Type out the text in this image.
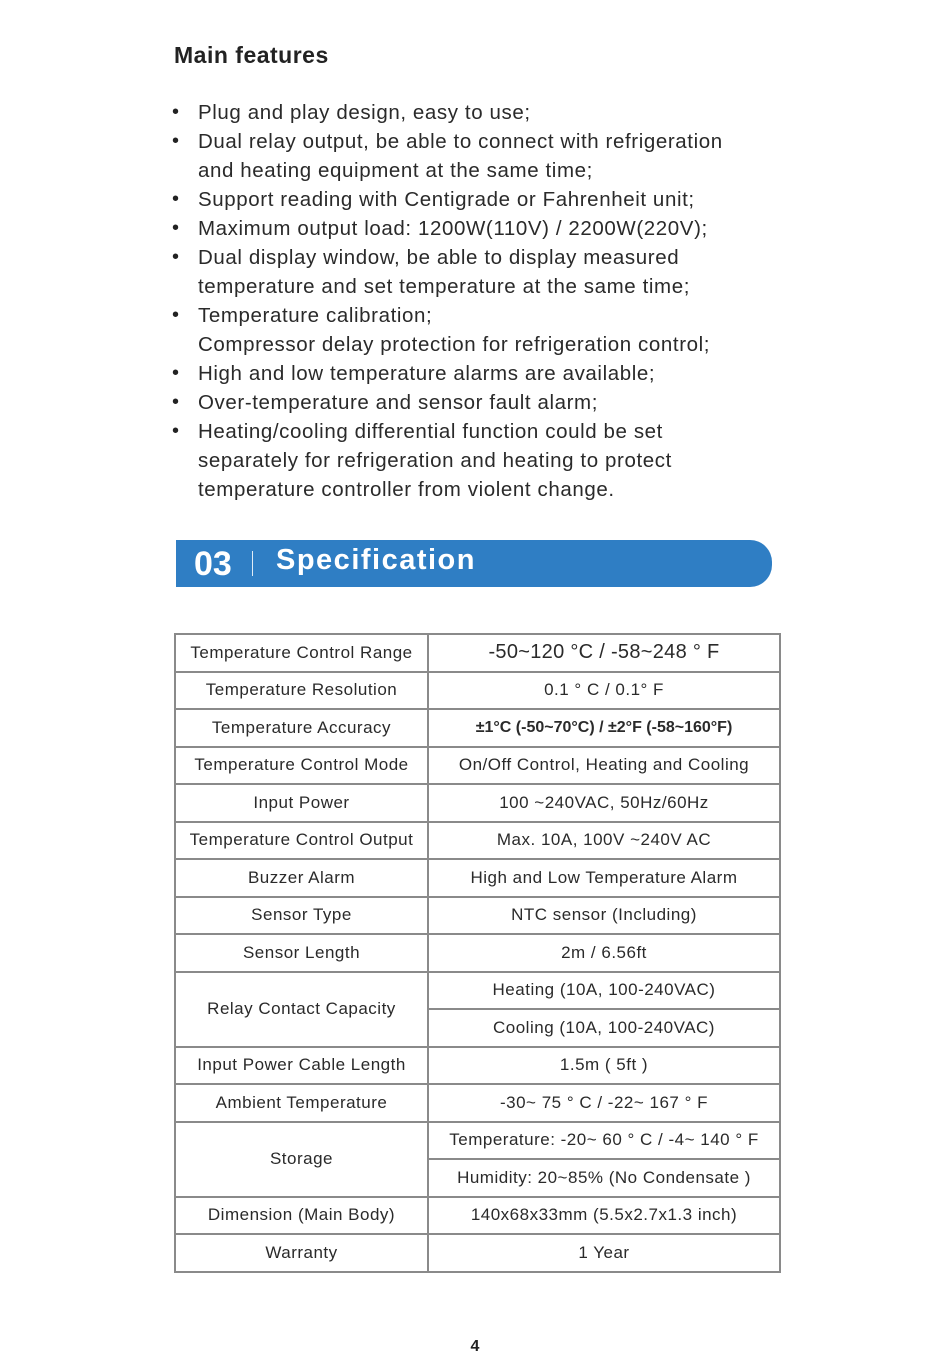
Main features
• Plug and play design, easy to use;
• Dual relay output, be able to connect with refrigeration
and heating equipment at the same time;
• Support reading with Centigrade or Fahrenheit unit;
• Maximum output load: 1200W(110V) / 2200W(220V);
• Dual display window, be able to display measured
temperature and set temperature at the same time;
• Temperature calibration;
Compressor delay protection for refrigeration control;
• High and low temperature alarms are available;
• Over-temperature and sensor fault alarm;
• Heating/cooling differential function could be set
separately for refrigeration and heating to protect
temperature controller from violent change.
03 Specification
Temperature Control Range	-50~120 °C / -58~248 ° F
Temperature Resolution	0.1 ° C / 0.1° F
Temperature Accuracy	±1°C (-50~70°C) / ±2°F (-58~160°F)
Temperature Control Mode	On/Off Control, Heating and Cooling
Input Power	100 ~240VAC, 50Hz/60Hz
Temperature Control Output	Max. 10A, 100V ~240V AC
Buzzer Alarm	High and Low Temperature Alarm
Sensor Type	NTC sensor (Including)
Sensor Length	2m / 6.56ft
Relay Contact Capacity	Heating (10A, 100-240VAC)
	Cooling (10A, 100-240VAC)
Input Power Cable Length	1.5m ( 5ft )
Ambient Temperature	-30~ 75 ° C / -22~ 167 ° F
Storage	Temperature: -20~ 60 ° C / -4~ 140 ° F
	Humidity: 20~85% (No Condensate )
Dimension (Main Body)	140x68x33mm (5.5x2.7x1.3 inch)
Warranty	1 Year
4
